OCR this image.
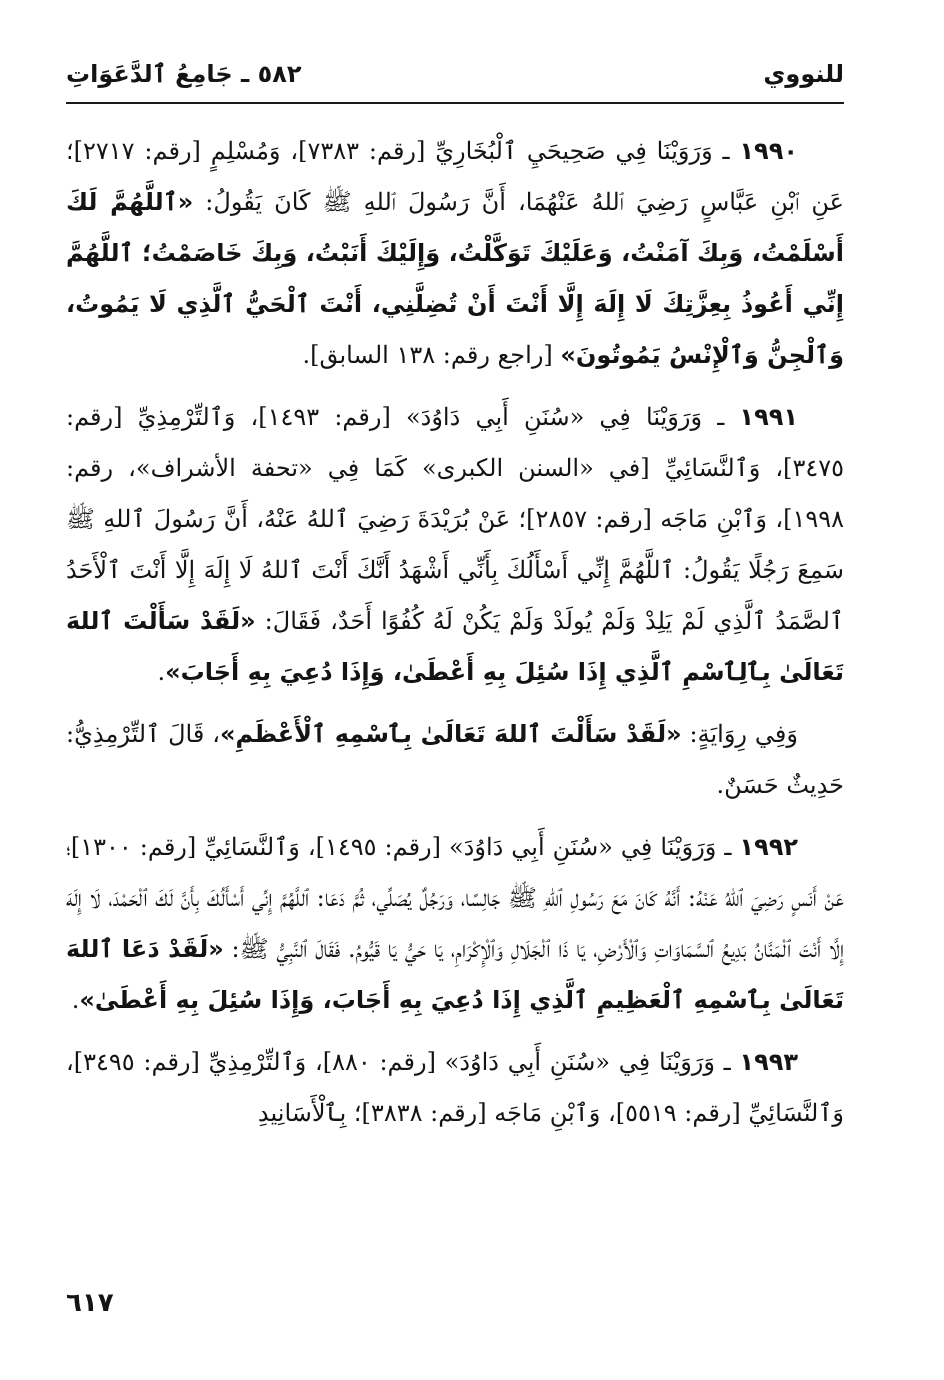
للنووي
٥٨٢ ـ جَامِعُ ٱلدَّعَوَاتِ

١٩٩٠ ـ وَرَوَيْنَا فِي صَحِيحَيِ ٱلْبُخَارِيِّ [رقم: ٧٣٨٣]، وَمُسْلِمٍ [رقم: ٢٧١٧]؛ عَنِ ٱبْنِ عَبَّاسٍ رَضِيَ ٱللهُ عَنْهُمَا، أَنَّ رَسُولَ ٱللهِ ﷺ كَانَ يَقُولُ: «ٱللَّهُمَّ لَكَ أَسْلَمْتُ، وَبِكَ آمَنْتُ، وَعَلَيْكَ تَوَكَّلْتُ، وَإِلَيْكَ أَنَبْتُ، وَبِكَ خَاصَمْتُ؛ ٱللَّهُمَّ إِنِّي أَعُوذُ بِعِزَّتِكَ لَا إِلَهَ إِلَّا أَنْتَ أَنْ تُضِلَّنِي، أَنْتَ ٱلْحَيُّ ٱلَّذِي لَا يَمُوتُ، وَٱلْجِنُّ وَٱلْإِنْسُ يَمُوتُونَ» [راجع رقم: ١٣٨ السابق].

١٩٩١ ـ وَرَوَيْنَا فِي «سُنَنِ أَبِي دَاوُدَ» [رقم: ١٤٩٣]، وَٱلتِّرْمِذِيِّ [رقم: ٣٤٧٥]، وَٱلنَّسَائِيِّ [في «السنن الكبرى» كَمَا فِي «تحفة الأشراف»، رقم: ١٩٩٨]، وَٱبْنِ مَاجَه [رقم: ٢٨٥٧]؛ عَنْ بُرَيْدَةَ رَضِيَ ٱللهُ عَنْهُ، أَنَّ رَسُولَ ٱللهِ ﷺ سَمِعَ رَجُلًا يَقُولُ: ٱللَّهُمَّ إِنِّي أَسْأَلُكَ بِأَنِّي أَشْهَدُ أَنَّكَ أَنْتَ ٱللهُ لَا إِلَهَ إِلَّا أَنْتَ ٱلْأَحَدُ ٱلصَّمَدُ ٱلَّذِي لَمْ يَلِدْ وَلَمْ يُولَدْ وَلَمْ يَكُنْ لَهُ كُفُوًا أَحَدٌ، فَقَالَ: «لَقَدْ سَأَلْتَ ٱللهَ تَعَالَىٰ بِٱلِٱسْمِ ٱلَّذِي إِذَا سُئِلَ بِهِ أَعْطَىٰ، وَإِذَا دُعِيَ بِهِ أَجَابَ».

وَفِي رِوَايَةٍ: «لَقَدْ سَأَلْتَ ٱللهَ تَعَالَىٰ بِٱسْمِهِ ٱلْأَعْظَمِ»، قَالَ ٱلتِّرْمِذِيُّ: حَدِيثٌ حَسَنٌ.

١٩٩٢ ـ وَرَوَيْنَا فِي «سُنَنِ أَبِي دَاوُدَ» [رقم: ١٤٩٥]، وَٱلنَّسَائِيِّ [رقم: ١٣٠٠]؛ عَنْ أَنَسٍ رَضِيَ ٱللهُ عَنْهُ: أَنَّهُ كَانَ مَعَ رَسُولِ ٱللهِ ﷺ جَالِسًا، وَرَجُلٌ يُصَلِّي، ثُمَّ دَعَا: ٱللَّهُمَّ إِنِّي أَسْأَلُكَ بِأَنَّ لَكَ ٱلْحَمْدَ، لَا إِلَهَ إِلَّا أَنْتَ ٱلْمَنَّانُ بَدِيعُ ٱلسَّمَاوَاتِ وَٱلْأَرْضِ، يَا ذَا ٱلْجَلَالِ وَٱلْإِكْرَامِ، يَا حَيُّ يَا قَيُّومُ. فَقَالَ ٱلنَّبِيُّ ﷺ: «لَقَدْ دَعَا ٱللهَ تَعَالَىٰ بِٱسْمِهِ ٱلْعَظِيمِ ٱلَّذِي إِذَا دُعِيَ بِهِ أَجَابَ، وَإِذَا سُئِلَ بِهِ أَعْطَىٰ».

١٩٩٣ ـ وَرَوَيْنَا فِي «سُنَنِ أَبِي دَاوُدَ» [رقم: ٨٨٠]، وَٱلتِّرْمِذِيِّ [رقم: ٣٤٩٥]، وَٱلنَّسَائِيِّ [رقم: ٥٥١٩]، وَٱبْنِ مَاجَه [رقم: ٣٨٣٨]؛ بِٱلْأَسَانِيدِ

٦١٧
